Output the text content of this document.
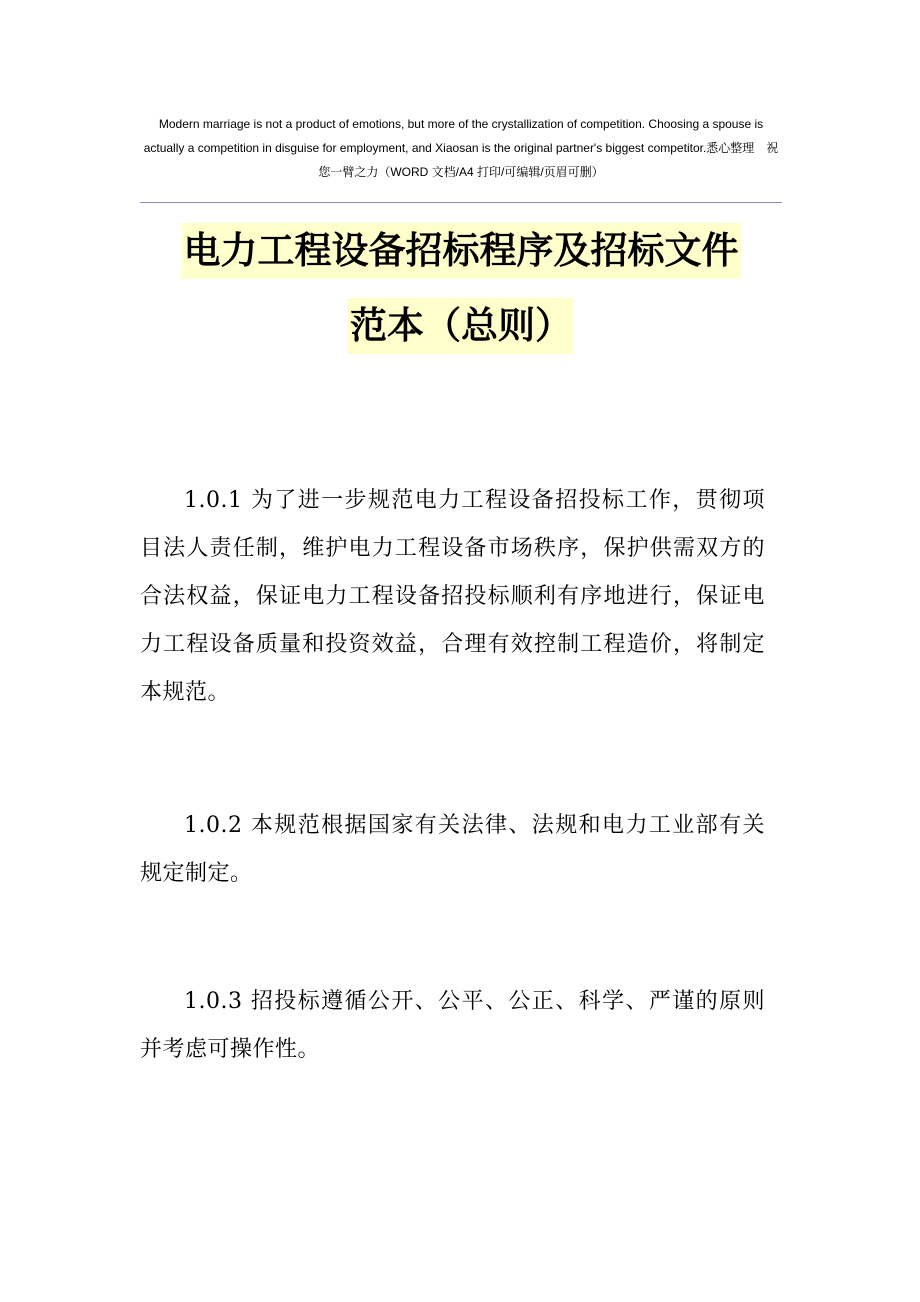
Modern marriage is not a product of emotions, but more of the crystallization of competition. Choosing a spouse is actually a competition in disguise for employment, and Xiaosan is the original partner's biggest competitor.悉心整理　祝您一臂之力（WORD 文档/A4 打印/可编辑/页眉可删）
电力工程设备招标程序及招标文件
范本（总则）

1.0.1 为了进一步规范电力工程设备招投标工作，贯彻项目法人责任制，维护电力工程设备市场秩序，保护供需双方的合法权益，保证电力工程设备招投标顺利有序地进行，保证电力工程设备质量和投资效益，合理有效控制工程造价，将制定本规范。

1.0.2 本规范根据国家有关法律、法规和电力工业部有关规定制定。

1.0.3 招投标遵循公开、公平、公正、科学、严谨的原则并考虑可操作性。
